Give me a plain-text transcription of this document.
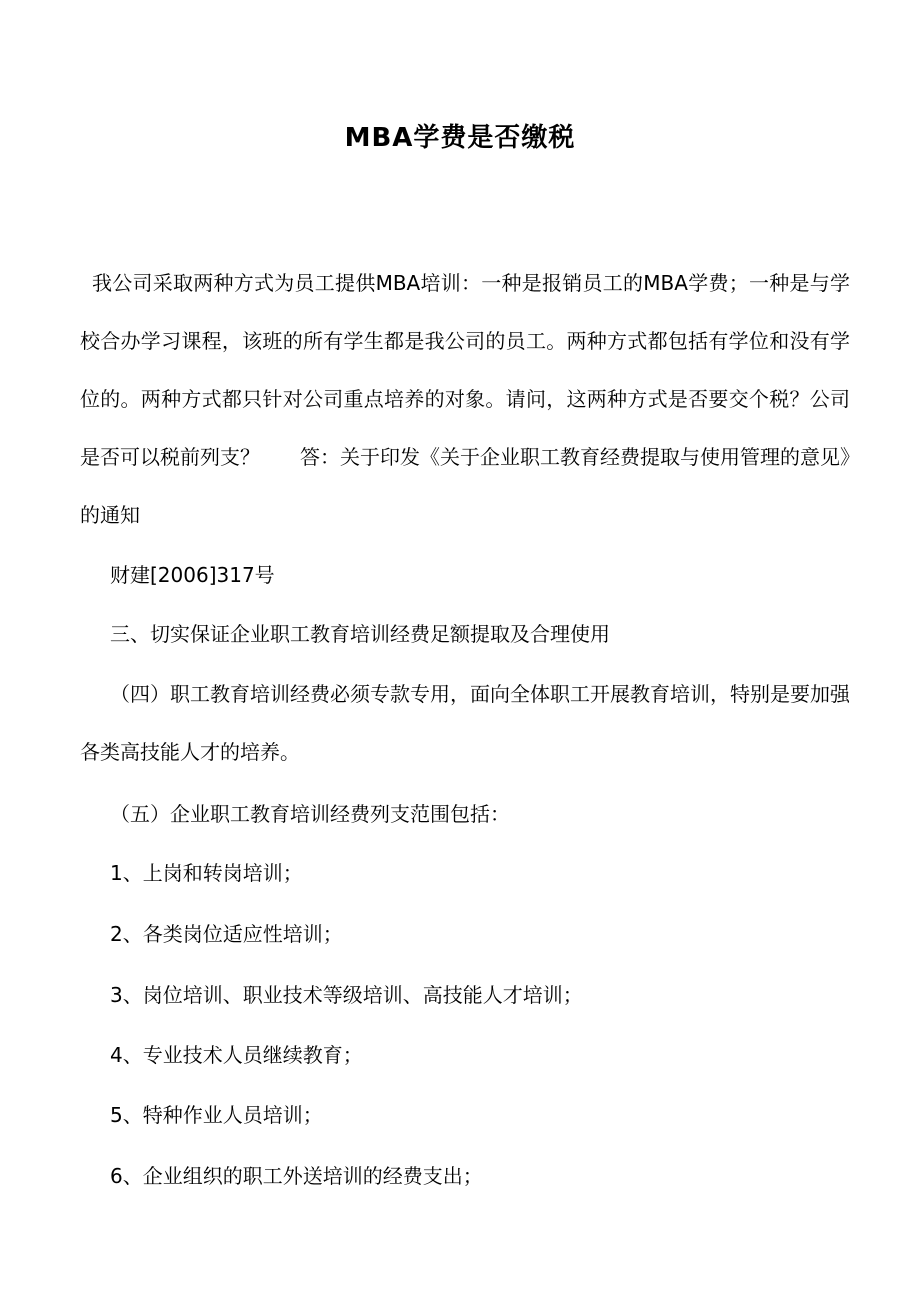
MBA学费是否缴税
我公司采取两种方式为员工提供MBA培训：一种是报销员工的MBA学费；一种是与学校合办学习课程，该班的所有学生都是我公司的员工。两种方式都包括有学位和没有学位的。两种方式都只针对公司重点培养的对象。请问，这两种方式是否要交个税？公司是否可以税前列支？　　答：关于印发《关于企业职工教育经费提取与使用管理的意见》的通知
财建[2006]317号
三、切实保证企业职工教育培训经费足额提取及合理使用
（四）职工教育培训经费必须专款专用，面向全体职工开展教育培训，特别是要加强各类高技能人才的培养。
（五）企业职工教育培训经费列支范围包括：
1、上岗和转岗培训；
2、各类岗位适应性培训；
3、岗位培训、职业技术等级培训、高技能人才培训；
4、专业技术人员继续教育；
5、特种作业人员培训；
6、企业组织的职工外送培训的经费支出；
